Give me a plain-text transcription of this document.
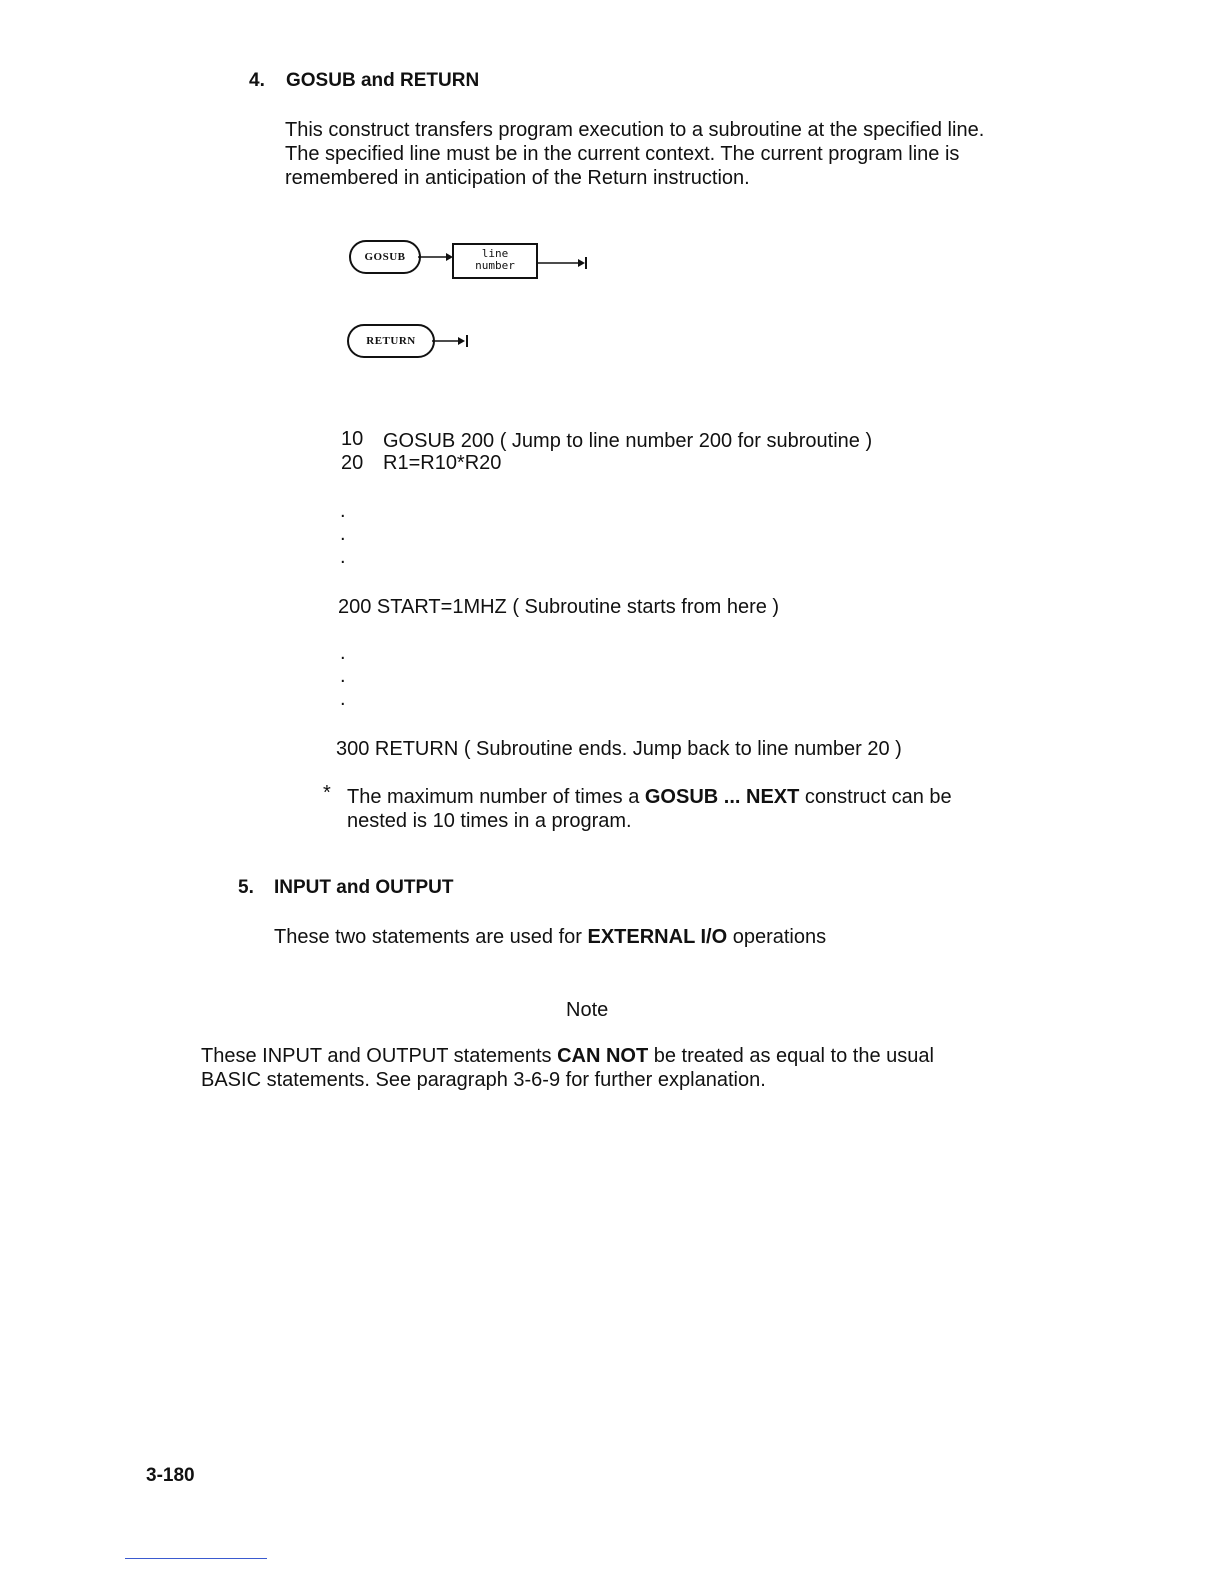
4. GOSUB and RETURN
This construct transfers program execution to a subroutine at the specified line.
The specified line must be in the current context. The current program line is
remembered in anticipation of the Return instruction.
GOSUB	line
number
RETURN
10 GOSUB 200 ( Jump to line number 200 for subroutine )
20 R1=R10*R20
.
.
.
200 START=1MHZ ( Subroutine starts from here )
.
.
.
300 RETURN ( Subroutine ends. Jump back to line number 20 )
* The maximum number of times a GOSUB ... NEXT construct can be
nested is 10 times in a program.
5. INPUT and OUTPUT
These two statements are used for EXTERNAL I/O operations
Note
These INPUT and OUTPUT statements CAN NOT be treated as equal to the usual
BASIC statements. See paragraph 3-6-9 for further explanation.
3-180
